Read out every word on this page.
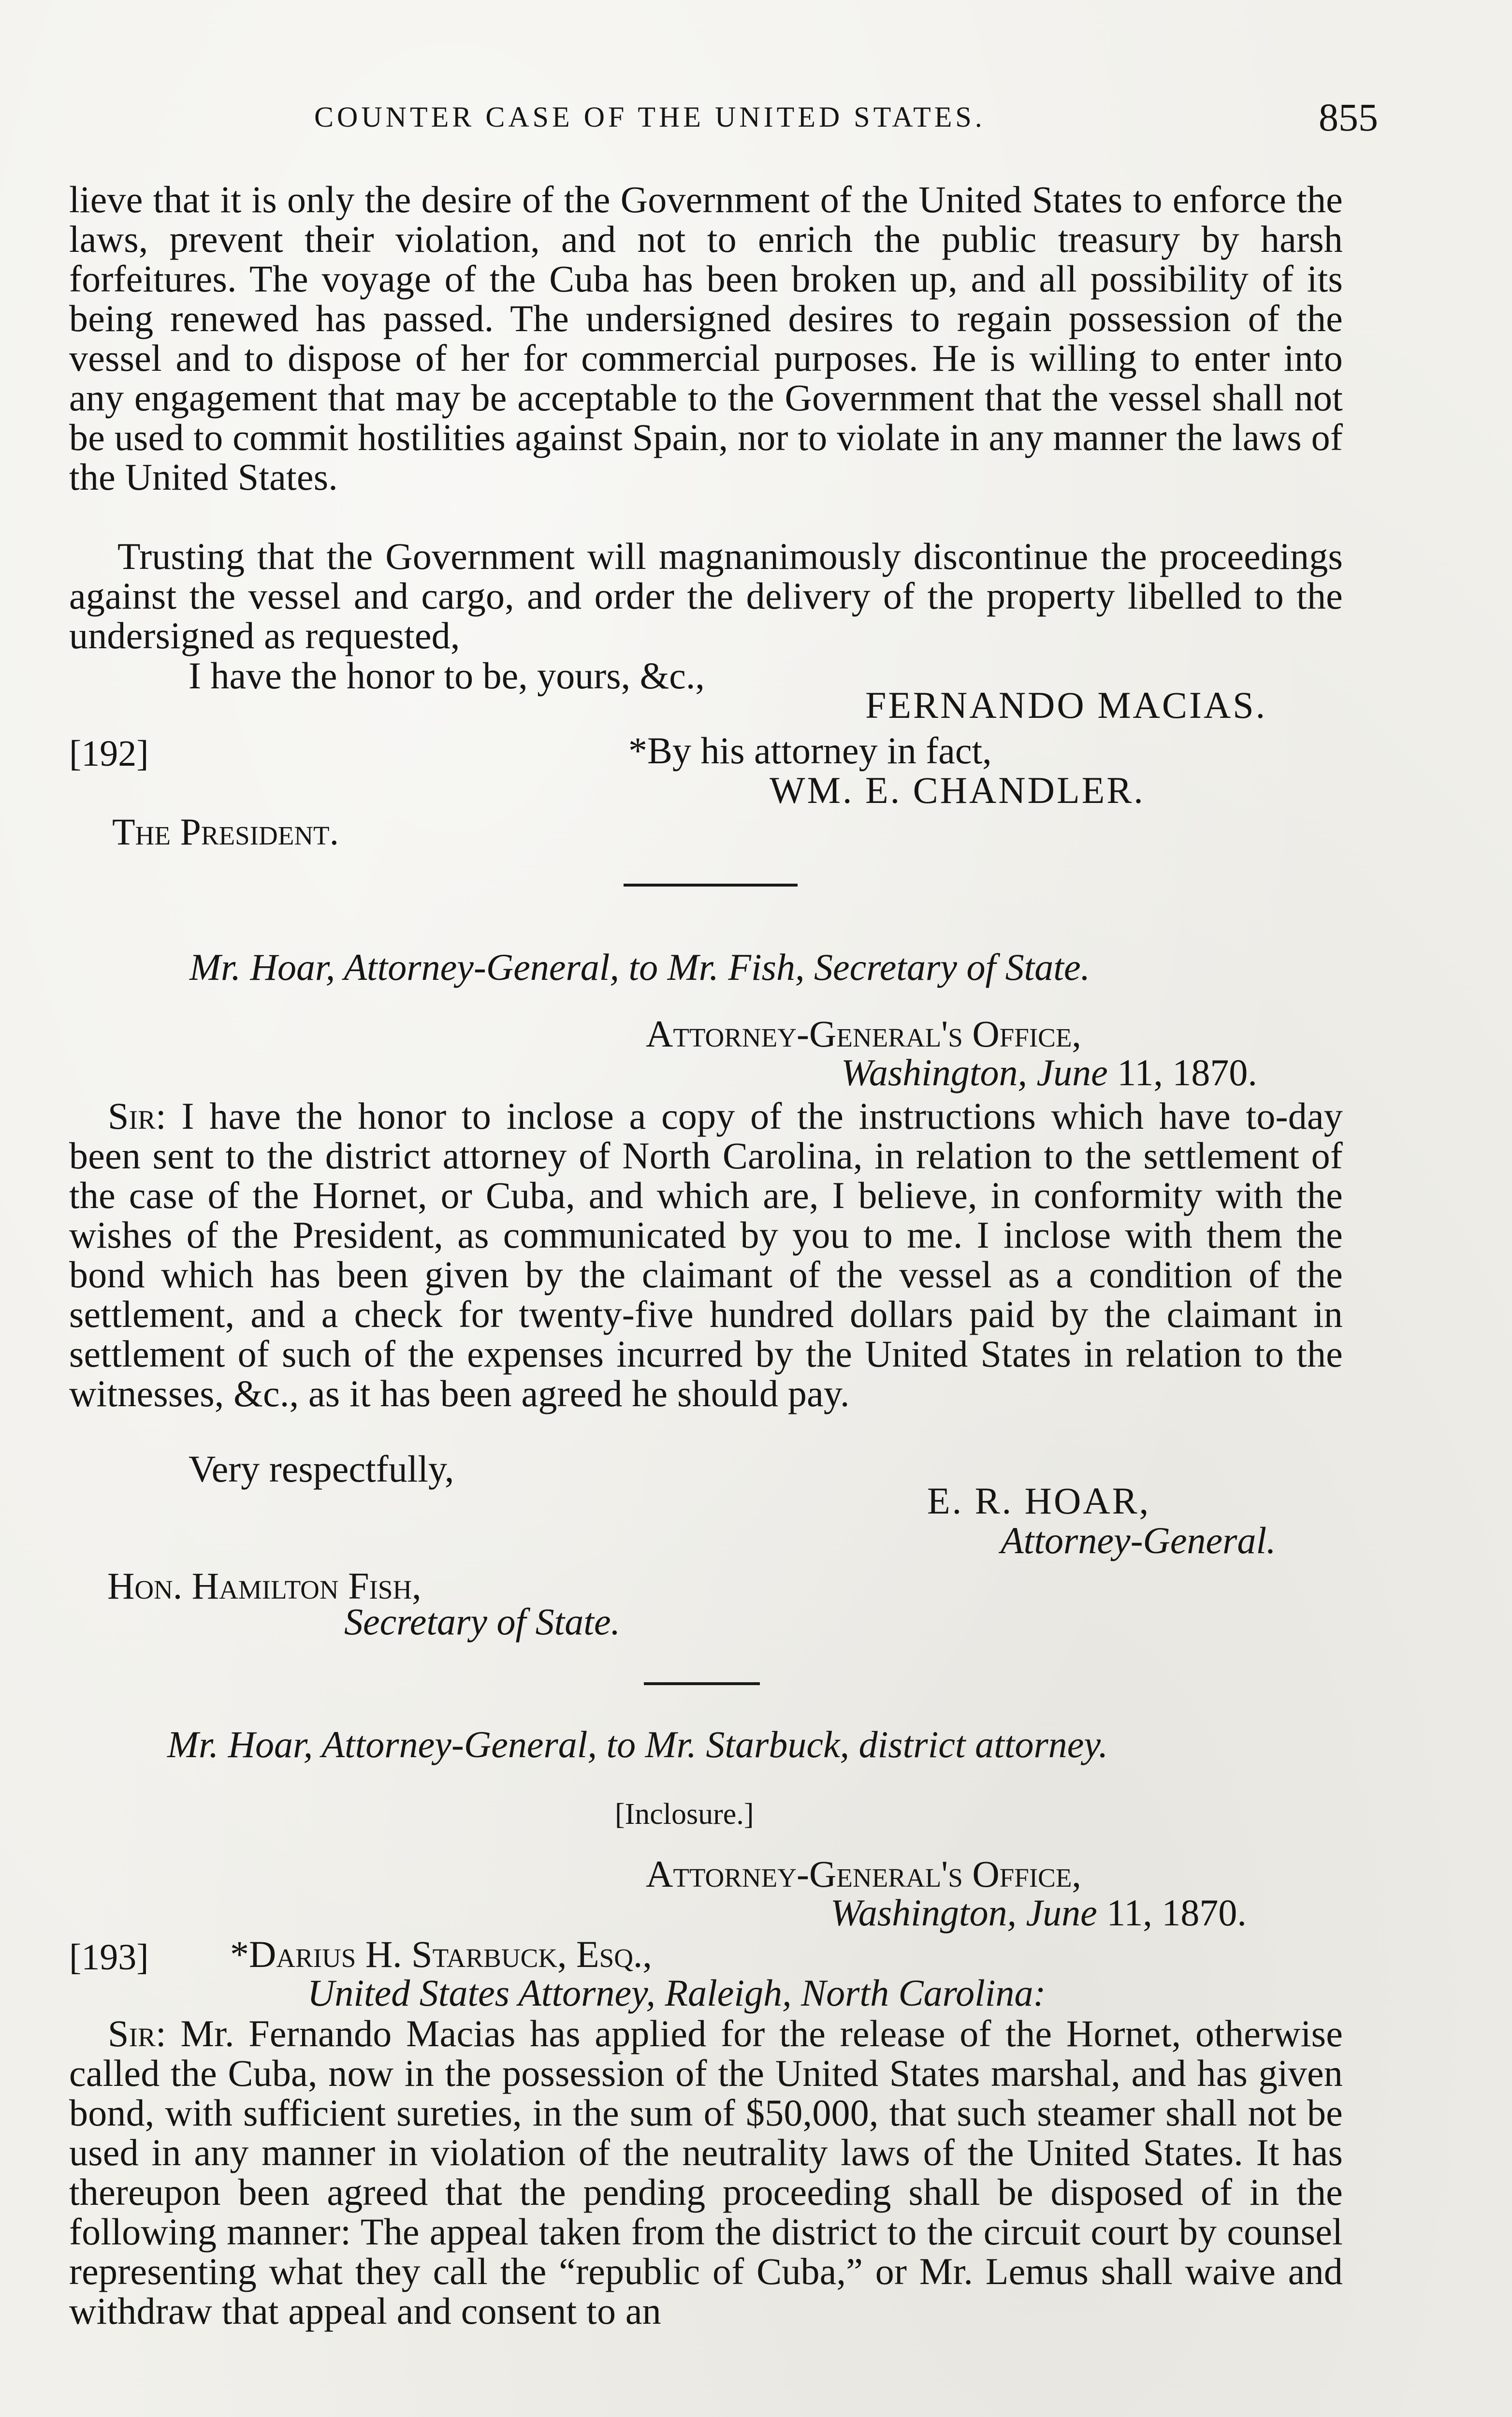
COUNTER CASE OF THE UNITED STATES.	855

lieve that it is only the desire of the Government of the United States to enforce the laws, prevent their violation, and not to enrich the public treasury by harsh forfeitures. The voyage of the Cuba has been broken up, and all possibility of its being renewed has passed. The undersigned desires to regain possession of the vessel and to dispose of her for commercial purposes. He is willing to enter into any engagement that may be acceptable to the Government that the vessel shall not be used to commit hostilities against Spain, nor to violate in any manner the laws of the United States.

Trusting that the Government will magnanimously discontinue the proceedings against the vessel and cargo, and order the delivery of the property libelled to the undersigned as requested,

I have the honor to be, yours, &c.,
FERNANDO MACIAS.
[192]	*By his attorney in fact,
WM. E. CHANDLER.
The President.
Mr. Hoar, Attorney-General, to Mr. Fish, Secretary of State.
Attorney-General's Office,
Washington, June 11, 1870.

Sir: I have the honor to inclose a copy of the instructions which have to-day been sent to the district attorney of North Carolina, in relation to the settlement of the case of the Hornet, or Cuba, and which are, I believe, in conformity with the wishes of the President, as communicated by you to me. I inclose with them the bond which has been given by the claimant of the vessel as a condition of the settlement, and a check for twenty-five hundred dollars paid by the claimant in settlement of such of the expenses incurred by the United States in relation to the witnesses, &c., as it has been agreed he should pay.

Very respectfully,
E. R. HOAR,
Attorney-General.
Hon. Hamilton Fish,
Secretary of State.
Mr. Hoar, Attorney-General, to Mr. Starbuck, district attorney.
[Inclosure.]
Attorney-General's Office,
Washington, June 11, 1870.
[193] *Darius H. Starbuck, Esq.,
United States Attorney, Raleigh, North Carolina:

Sir: Mr. Fernando Macias has applied for the release of the Hornet, otherwise called the Cuba, now in the possession of the United States marshal, and has given bond, with sufficient sureties, in the sum of $50,000, that such steamer shall not be used in any manner in violation of the neutrality laws of the United States. It has thereupon been agreed that the pending proceeding shall be disposed of in the following manner: The appeal taken from the district to the circuit court by counsel representing what they call the “republic of Cuba,” or Mr. Lemus shall waive and withdraw that appeal and consent to an
